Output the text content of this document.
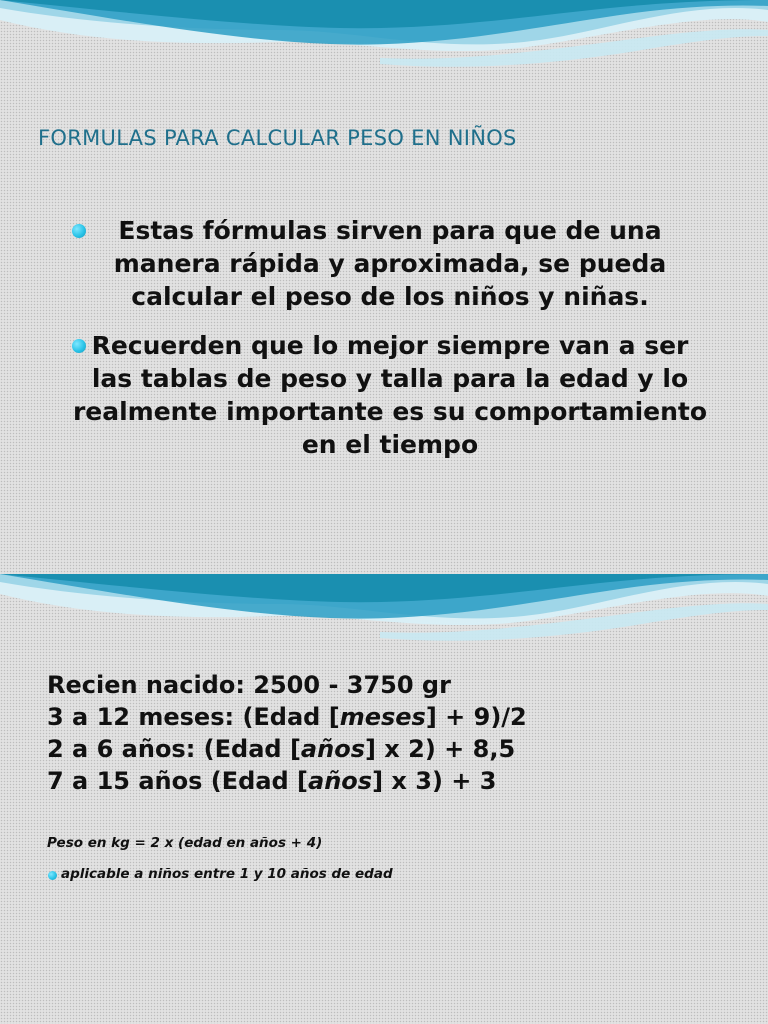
FORMULAS PARA CALCULAR PESO EN NIÑOS
Estas fórmulas sirven para que de una manera rápida y aproximada, se pueda calcular el peso de los niños y niñas.
Recuerden que lo mejor siempre van a ser las tablas de peso y talla para la edad y lo realmente importante es su comportamiento en el tiempo
Recien nacido: 2500 - 3750 gr
3 a 12 meses: (Edad [meses] + 9)/2
2 a 6 años: (Edad [años] x 2) + 8,5
7 a 15 años (Edad [años] x 3) + 3

Peso en kg = 2 x (edad en años + 4)

aplicable a niños entre 1 y 10 años de edad
